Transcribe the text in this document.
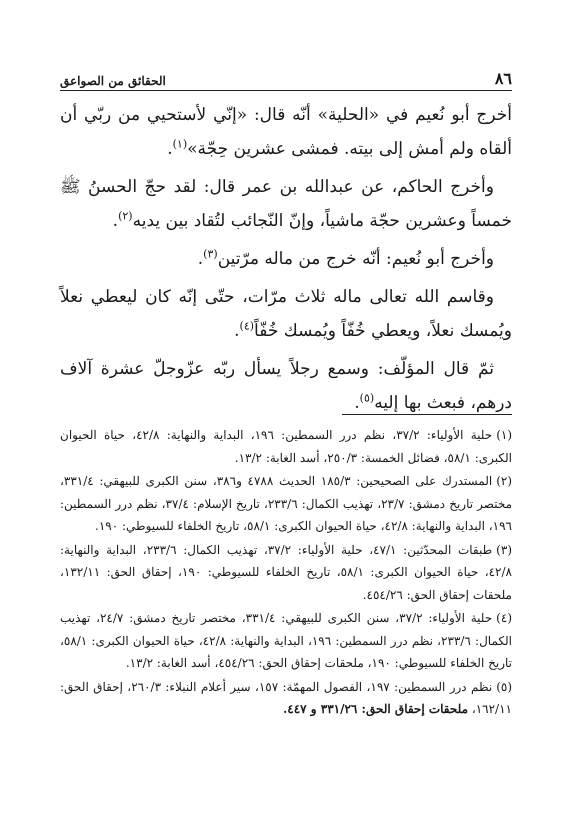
٨٦
الحقائق من الصواعق

أخرج أبو نُعيم في «الحلية» أنّه قال: «إنّي لأستحيي من ربّي أن ألقاه ولم أمش إلى بيته. فمشى عشرين حِجّة»$^{(١)}$.

وأخرج الحاكم، عن عبدالله بن عمر قال: لقد حجّ الحسنُ ﷺ خمساً وعشرين حجّة ماشياً، وإنّ النّجائب لتُقاد بين يديه$^{(٢)}$.

وأخرج أبو نُعيم: أنّه خرج من ماله مرّتين$^{(٣)}$.

وقاسم الله تعالى ماله ثلاث مرّات، حتّى إنّه كان ليعطي نعلاً ويُمسك نعلاً، ويعطي خُفّاً ويُمسك خُفّاً$^{(٤)}$.

ثمّ قال المؤلّف: وسمع رجلاً يسأل ربّه عزّوجلّ عشرة آلاف درهم، فبعث بها إليه$^{(٥)}$.

(١)حلية الأولياء: ٣٧/٢، نظم درر السمطين: ١٩٦، البداية والنهاية: ٤٢/٨، حياة الحيوان الكبرى: ٥٨/١، فضائل الخمسة: ٢٥٠/٣، أسد الغابة: ١٣/٢.

(٢)المستدرك على الصحيحين: ١٨٥/٣ الحديث ٤٧٨٨ و٣٨٦، سنن الكبرى للبيهقي: ٣٣١/٤، مختصر تاريخ دمشق: ٢٣/٧، تهذيب الكمال: ٢٣٣/٦، تاريخ الإسلام: ٣٧/٤، نظم درر السمطين: ١٩٦، البداية والنهاية: ٤٢/٨، حياة الحيوان الكبرى: ٥٨/١، تاريخ الخلفاء للسيوطي: ١٩٠.

(٣)طبقات المحدّثين: ٤٧/١، حلية الأولياء: ٣٧/٢، تهذيب الكمال: ٢٣٣/٦، البداية والنهاية: ٤٢/٨، حياة الحيوان الكبرى: ٥٨/١، تاريخ الخلفاء للسيوطي: ١٩٠، إحقاق الحق: ١٣٢/١١، ملحقات إحقاق الحق: ٤٥٤/٢٦.

(٤)حلية الأولياء: ٣٧/٢، سنن الكبرى للبيهقي: ٣٣١/٤، مختصر تاريخ دمشق: ٢٤/٧، تهذيب الكمال: ٢٣٣/٦، نظم درر السمطين: ١٩٦، البداية والنهاية: ٤٢/٨، حياة الحيوان الكبرى: ٥٨/١، تاريخ الخلفاء للسيوطي: ١٩٠، ملحقات إحقاق الحق: ٤٥٤/٢٦، أسد الغابة: ١٣/٢.

(٥)نظم درر السمطين: ١٩٧، الفصول المهمّة: ١٥٧، سير أعلام النبلاء: ٢٦٠/٣، إحقاق الحق: ١٦٢/١١، ملحقات إحقاق الحق: ٣٣١/٢٦ و ٤٤٧.
